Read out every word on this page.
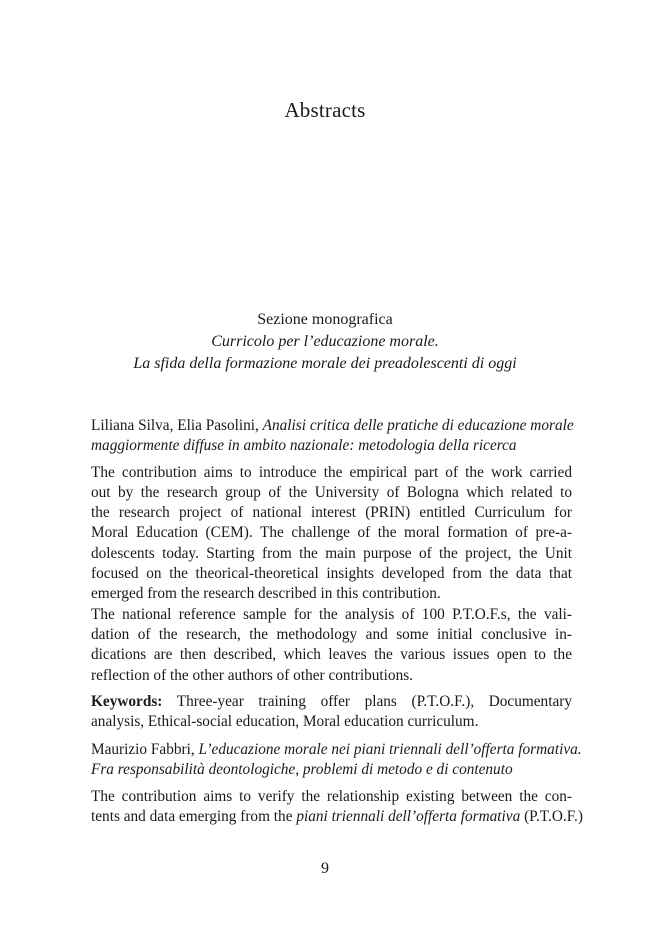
Abstracts
Sezione monografica
Curricolo per l’educazione morale.
La sfida della formazione morale dei preadolescenti di oggi
Liliana Silva, Elia Pasolini, Analisi critica delle pratiche di educazione morale
maggiormente diffuse in ambito nazionale: metodologia della ricerca
The contribution aims to introduce the empirical part of the work carried
out by the research group of the University of Bologna which related to
the research project of national interest (PRIN) entitled Curriculum for
Moral Education (CEM). The challenge of the moral formation of pre-a-
dolescents today. Starting from the main purpose of the project, the Unit
focused on the theorical-theoretical insights developed from the data that
emerged from the research described in this contribution.
The national reference sample for the analysis of 100 P.T.O.F.s, the vali-
dation of the research, the methodology and some initial conclusive in-
dications are then described, which leaves the various issues open to the
reflection of the other authors of other contributions.
Keywords: Three-year training offer plans (P.T.O.F.), Documentary
analysis, Ethical-social education, Moral education curriculum.
Maurizio Fabbri, L’educazione morale nei piani triennali dell’offerta formativa.
Fra responsabilità deontologiche, problemi di metodo e di contenuto
The contribution aims to verify the relationship existing between the con-
tents and data emerging from the piani triennali dell’offerta formativa (P.T.O.F.)
9
